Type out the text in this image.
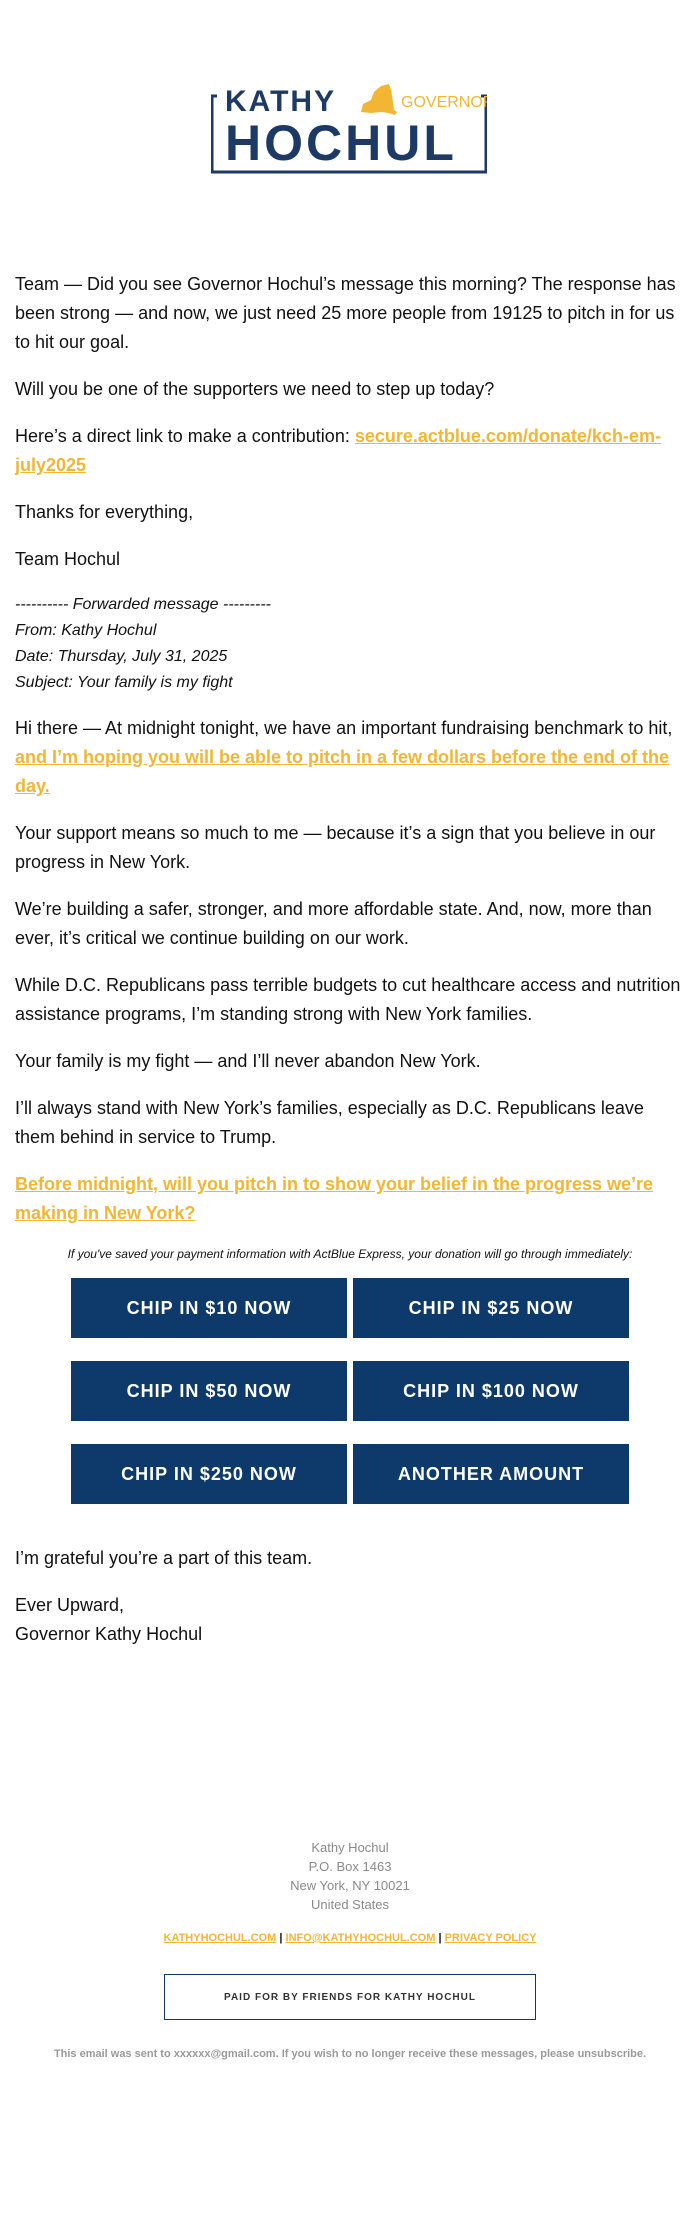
KATHY	GOVERNOR
HOCHUL

Team — Did you see Governor Hochul’s message this morning? The response has been strong — and now, we just need 25 more people from 19125 to pitch in for us to hit our goal.

Will you be one of the supporters we need to step up today?

Here’s a direct link to make a contribution: secure.actblue.com/donate/kch-em-july2025

Thanks for everything,

Team Hochul

---------- Forwarded message ---------
From: Kathy Hochul
Date: Thursday, July 31, 2025
Subject: Your family is my fight

Hi there — At midnight tonight, we have an important fundraising benchmark to hit, and I’m hoping you will be able to pitch in a few dollars before the end of the day.

Your support means so much to me — because it’s a sign that you believe in our progress in New York.

We’re building a safer, stronger, and more affordable state. And, now, more than ever, it’s critical we continue building on our work.

While D.C. Republicans pass terrible budgets to cut healthcare access and nutrition assistance programs, I’m standing strong with New York families.

Your family is my fight — and I’ll never abandon New York.

I’ll always stand with New York’s families, especially as D.C. Republicans leave them behind in service to Trump.

Before midnight, will you pitch in to show your belief in the progress we’re making in New York?

If you've saved your payment information with ActBlue Express, your donation will go through immediately:
CHIP IN $10 NOW	CHIP IN $25 NOW
CHIP IN $50 NOW	CHIP IN $100 NOW
CHIP IN $250 NOW	ANOTHER AMOUNT

I’m grateful you’re a part of this team.

Ever Upward,
Governor Kathy Hochul

Kathy Hochul
P.O. Box 1463
New York, NY 10021
United States
KATHYHOCHUL.COM | INFO@KATHYHOCHUL.COM | PRIVACY POLICY
PAID FOR BY FRIENDS FOR KATHY HOCHUL
This email was sent to xxxxxx@gmail.com. If you wish to no longer receive these messages, please unsubscribe.
